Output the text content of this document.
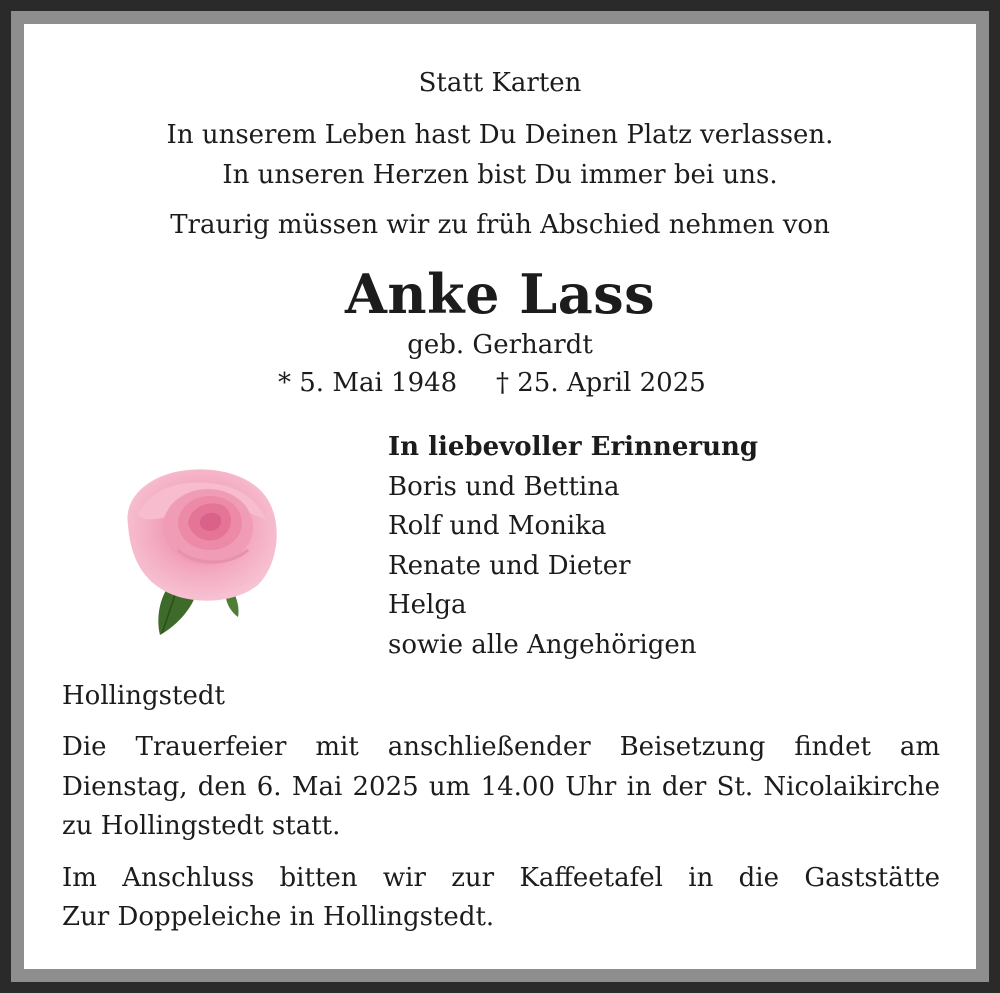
Statt Karten
In unserem Leben hast Du Deinen Platz verlassen.
In unseren Herzen bist Du immer bei uns.
Traurig müssen wir zu früh Abschied nehmen von
Anke Lass
geb. Gerhardt
* 5. Mai 1948 † 25. April 2025
In liebevoller Erinnerung
Boris und Bettina
Rolf und Monika
Renate und Dieter
Helga
sowie alle Angehörigen
Hollingstedt
Die Trauerfeier mit anschließender Beisetzung findet am
Dienstag, den 6. Mai 2025 um 14.00 Uhr in der St. Nicolaikirche
zu Hollingstedt statt.
Im Anschluss bitten wir zur Kaffeetafel in die Gaststätte
Zur Doppeleiche in Hollingstedt.
